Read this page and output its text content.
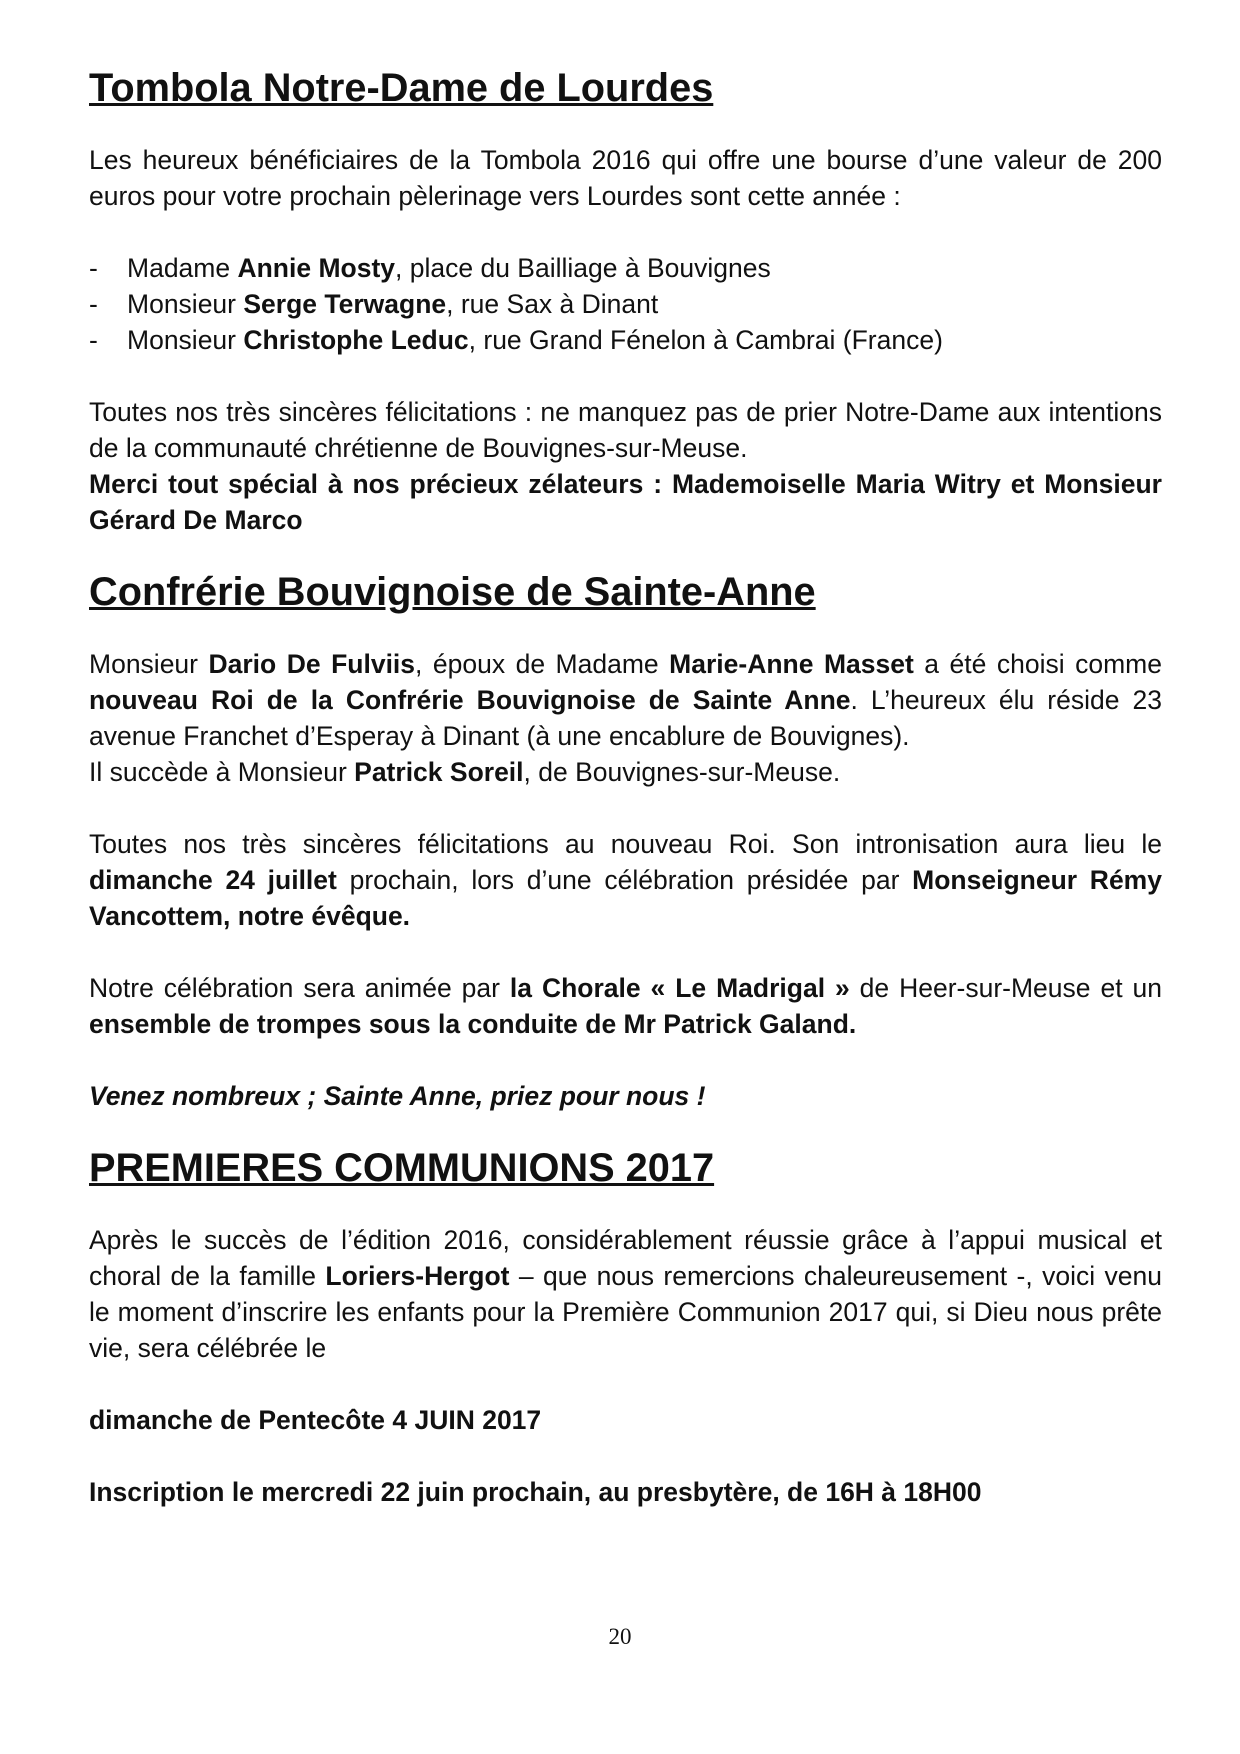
Tombola Notre-Dame de Lourdes

Les heureux bénéficiaires de la Tombola 2016 qui offre une bourse d’une valeur de 200 euros pour votre prochain pèlerinage vers Lourdes sont cette année :

- Madame Annie Mosty, place du Bailliage à Bouvignes
- Monsieur Serge Terwagne, rue Sax à Dinant
- Monsieur Christophe Leduc, rue Grand Fénelon à Cambrai (France)

Toutes nos très sincères félicitations : ne manquez pas de prier Notre-Dame aux intentions de la communauté chrétienne de Bouvignes-sur-Meuse.

Merci tout spécial à nos précieux zélateurs : Mademoiselle Maria Witry et Monsieur Gérard De Marco

Confrérie Bouvignoise de Sainte-Anne

Monsieur Dario De Fulviis, époux de Madame Marie-Anne Masset a été choisi comme nouveau Roi de la Confrérie Bouvignoise de Sainte Anne. L’heureux élu réside 23 avenue Franchet d’Esperay à Dinant (à une encablure de Bouvignes).

Il succède à Monsieur Patrick Soreil, de Bouvignes-sur-Meuse.

Toutes nos très sincères félicitations au nouveau Roi. Son intronisation aura lieu le dimanche 24 juillet prochain, lors d’une célébration présidée par Monseigneur Rémy Vancottem, notre évêque.

Notre célébration sera animée par la Chorale « Le Madrigal » de Heer-sur-Meuse et un ensemble de trompes sous la conduite de Mr Patrick Galand.

Venez nombreux ; Sainte Anne, priez pour nous !

PREMIERES COMMUNIONS 2017

Après le succès de l’édition 2016, considérablement réussie grâce à l’appui musical et choral de la famille Loriers-Hergot – que nous remercions chaleureusement -, voici venu le moment d’inscrire les enfants pour la Première Communion 2017 qui, si Dieu nous prête vie, sera célébrée le

dimanche de Pentecôte 4 JUIN 2017

Inscription le mercredi 22 juin prochain, au presbytère, de 16H à 18H00

20
